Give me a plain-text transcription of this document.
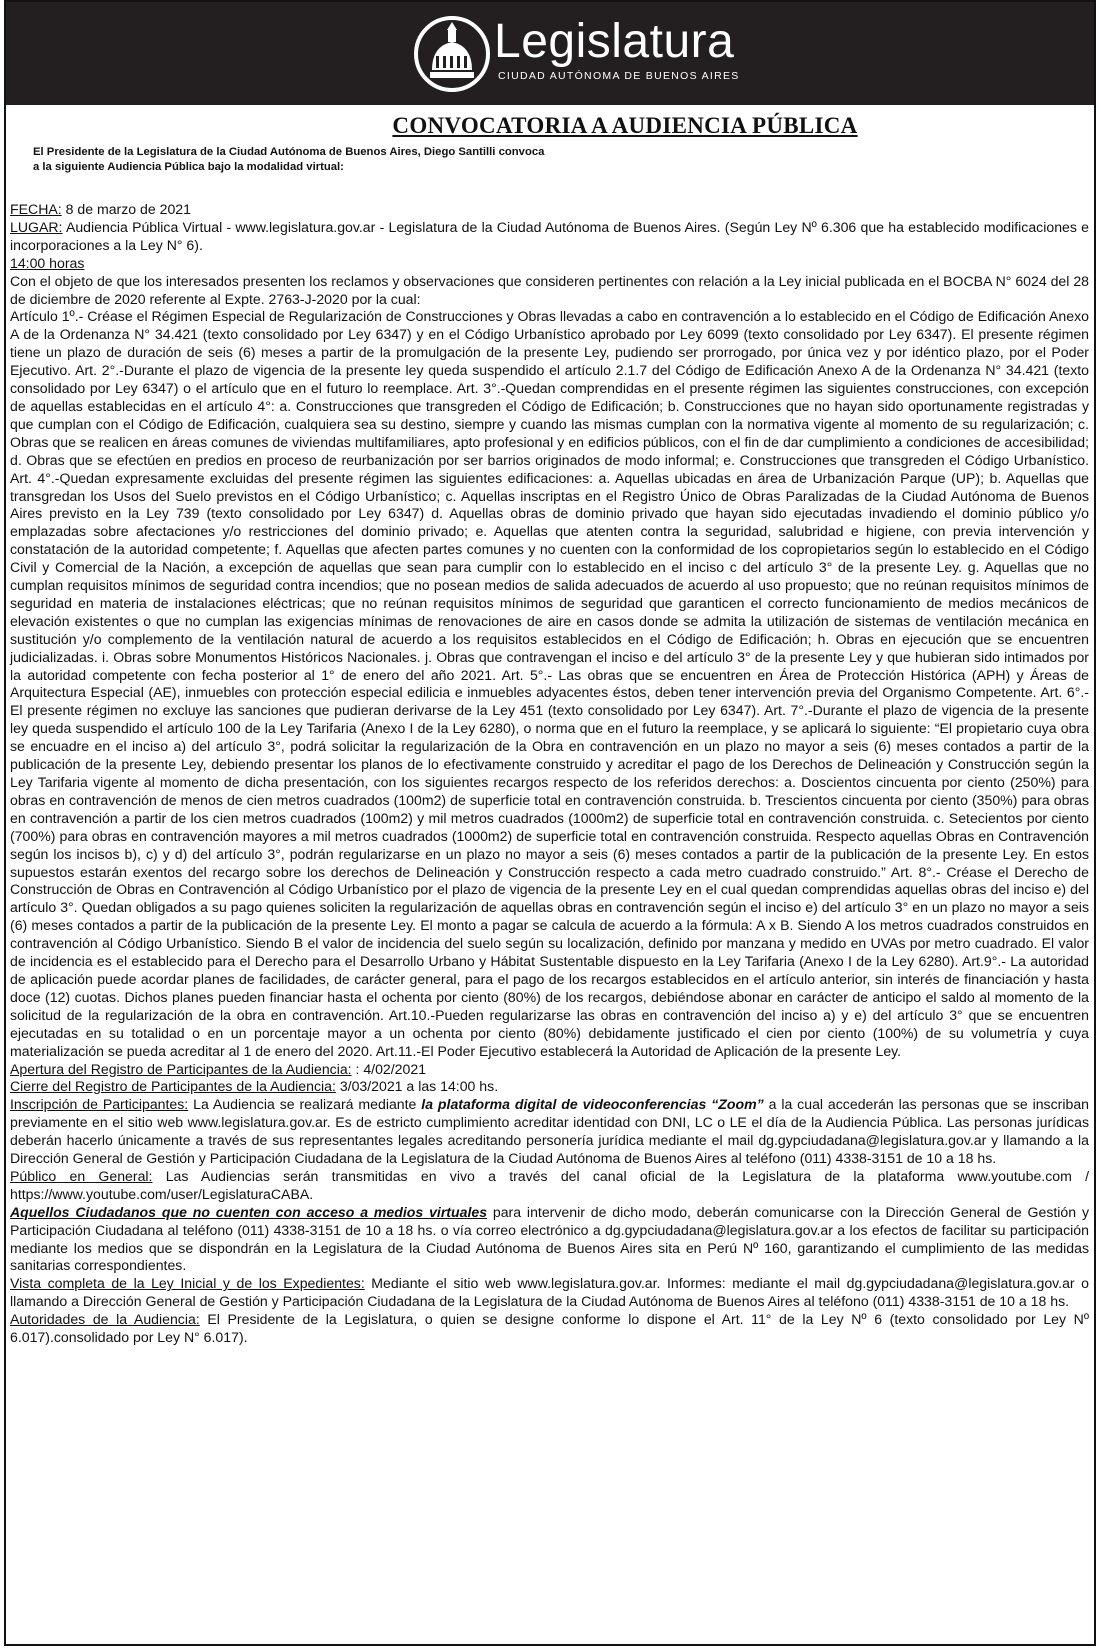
Legislatura
CIUDAD AUTÓNOMA DE BUENOS AIRES
CONVOCATORIA A AUDIENCIA PÚBLICA
El Presidente de la Legislatura de la Ciudad Autónoma de Buenos Aires, Diego Santilli convoca a la siguiente Audiencia Pública bajo la modalidad virtual:

FECHA: 8 de marzo de 2021

LUGAR: Audiencia Pública Virtual - www.legislatura.gov.ar - Legislatura de la Ciudad Autónoma de Buenos Aires. (Según Ley Nº 6.306 que ha establecido modificaciones e incorporaciones a la Ley N° 6).

14:00 horas

Con el objeto de que los interesados presenten los reclamos y observaciones que consideren pertinentes con relación a la Ley inicial publicada en el BOCBA N° 6024 del 28 de diciembre de 2020 referente al Expte. 2763-J-2020 por la cual:

Artículo 1º.- Créase el Régimen Especial de Regularización de Construcciones y Obras llevadas a cabo en contravención a lo establecido en el Código de Edificación Anexo A de la Ordenanza N° 34.421 (texto consolidado por Ley 6347) y en el Código Urbanístico aprobado por Ley 6099 (texto consolidado por Ley 6347). El presente régimen tiene un plazo de duración de seis (6) meses a partir de la promulgación de la presente Ley, pudiendo ser prorrogado, por única vez y por idéntico plazo, por el Poder Ejecutivo. Art. 2°.-Durante el plazo de vigencia de la presente ley queda suspendido el artículo 2.1.7 del Código de Edificación Anexo A de la Ordenanza N° 34.421 (texto consolidado por Ley 6347) o el artículo que en el futuro lo reemplace. Art. 3°.-Quedan comprendidas en el presente régimen las siguientes construcciones, con excepción de aquellas establecidas en el artículo 4°: a. Construcciones que transgreden el Código de Edificación; b. Construcciones que no hayan sido oportunamente registradas y que cumplan con el Código de Edificación, cualquiera sea su destino, siempre y cuando las mismas cumplan con la normativa vigente al momento de su regularización; c. Obras que se realicen en áreas comunes de viviendas multifamiliares, apto profesional y en edificios públicos, con el fin de dar cumplimiento a condiciones de accesibilidad; d. Obras que se efectúen en predios en proceso de reurbanización por ser barrios originados de modo informal; e. Construcciones que transgreden el Código Urbanístico. Art. 4°.-Quedan expresamente excluidas del presente régimen las siguientes edificaciones: a. Aquellas ubicadas en área de Urbanización Parque (UP); b. Aquellas que transgredan los Usos del Suelo previstos en el Código Urbanístico; c. Aquellas inscriptas en el Registro Único de Obras Paralizadas de la Ciudad Autónoma de Buenos Aires previsto en la Ley 739 (texto consolidado por Ley 6347) d. Aquellas obras de dominio privado que hayan sido ejecutadas invadiendo el dominio público y/o emplazadas sobre afectaciones y/o restricciones del dominio privado; e. Aquellas que atenten contra la seguridad, salubridad e higiene, con previa intervención y constatación de la autoridad competente; f. Aquellas que afecten partes comunes y no cuenten con la conformidad de los copropietarios según lo establecido en el Código Civil y Comercial de la Nación, a excepción de aquellas que sean para cumplir con lo establecido en el inciso c del artículo 3° de la presente Ley. g. Aquellas que no cumplan requisitos mínimos de seguridad contra incendios; que no posean medios de salida adecuados de acuerdo al uso propuesto; que no reúnan requisitos mínimos de seguridad en materia de instalaciones eléctricas; que no reúnan requisitos mínimos de seguridad que garanticen el correcto funcionamiento de medios mecánicos de elevación existentes o que no cumplan las exigencias mínimas de renovaciones de aire en casos donde se admita la utilización de sistemas de ventilación mecánica en sustitución y/o complemento de la ventilación natural de acuerdo a los requisitos establecidos en el Código de Edificación; h. Obras en ejecución que se encuentren judicializadas. i. Obras sobre Monumentos Históricos Nacionales. j. Obras que contravengan el inciso e del artículo 3° de la presente Ley y que hubieran sido intimados por la autoridad competente con fecha posterior al 1° de enero del año 2021. Art. 5°.- Las obras que se encuentren en Área de Protección Histórica (APH) y Áreas de Arquitectura Especial (AE), inmuebles con protección especial edilicia e inmuebles adyacentes éstos, deben tener intervención previa del Organismo Competente. Art. 6°.- El presente régimen no excluye las sanciones que pudieran derivarse de la Ley 451 (texto consolidado por Ley 6347). Art. 7°.-Durante el plazo de vigencia de la presente ley queda suspendido el artículo 100 de la Ley Tarifaria (Anexo I de la Ley 6280), o norma que en el futuro la reemplace, y se aplicará lo siguiente: “El propietario cuya obra se encuadre en el inciso a) del artículo 3°, podrá solicitar la regularización de la Obra en contravención en un plazo no mayor a seis (6) meses contados a partir de la publicación de la presente Ley, debiendo presentar los planos de lo efectivamente construido y acreditar el pago de los Derechos de Delineación y Construcción según la Ley Tarifaria vigente al momento de dicha presentación, con los siguientes recargos respecto de los referidos derechos: a. Doscientos cincuenta por ciento (250%) para obras en contravención de menos de cien metros cuadrados (100m2) de superficie total en contravención construida. b. Trescientos cincuenta por ciento (350%) para obras en contravención a partir de los cien metros cuadrados (100m2) y mil metros cuadrados (1000m2) de superficie total en contravención construida. c. Setecientos por ciento (700%) para obras en contravención mayores a mil metros cuadrados (1000m2) de superficie total en contravención construida. Respecto aquellas Obras en Contravención según los incisos b), c) y d) del artículo 3°, podrán regularizarse en un plazo no mayor a seis (6) meses contados a partir de la publicación de la presente Ley. En estos supuestos estarán exentos del recargo sobre los derechos de Delineación y Construcción respecto a cada metro cuadrado construido.” Art. 8°.- Créase el Derecho de Construcción de Obras en Contravención al Código Urbanístico por el plazo de vigencia de la presente Ley en el cual quedan comprendidas aquellas obras del inciso e) del artículo 3°. Quedan obligados a su pago quienes soliciten la regularización de aquellas obras en contravención según el inciso e) del artículo 3° en un plazo no mayor a seis (6) meses contados a partir de la publicación de la presente Ley. El monto a pagar se calcula de acuerdo a la fórmula: A x B. Siendo A los metros cuadrados construidos en contravención al Código Urbanístico. Siendo B el valor de incidencia del suelo según su localización, definido por manzana y medido en UVAs por metro cuadrado. El valor de incidencia es el establecido para el Derecho para el Desarrollo Urbano y Hábitat Sustentable dispuesto en la Ley Tarifaria (Anexo I de la Ley 6280). Art.9°.- La autoridad de aplicación puede acordar planes de facilidades, de carácter general, para el pago de los recargos establecidos en el artículo anterior, sin interés de financiación y hasta doce (12) cuotas. Dichos planes pueden financiar hasta el ochenta por ciento (80%) de los recargos, debiéndose abonar en carácter de anticipo el saldo al momento de la solicitud de la regularización de la obra en contravención. Art.10.-Pueden regularizarse las obras en contravención del inciso a) y e) del artículo 3° que se encuentren ejecutadas en su totalidad o en un porcentaje mayor a un ochenta por ciento (80%) debidamente justificado el cien por ciento (100%) de su volumetría y cuya materialización se pueda acreditar al 1 de enero del 2020. Art.11.-El Poder Ejecutivo establecerá la Autoridad de Aplicación de la presente Ley.

Apertura del Registro de Participantes de la Audiencia: : 4/02/2021

Cierre del Registro de Participantes de la Audiencia: 3/03/2021 a las 14:00 hs.

Inscripción de Participantes: La Audiencia se realizará mediante la plataforma digital de videoconferencias “Zoom” a la cual accederán las personas que se inscriban previamente en el sitio web www.legislatura.gov.ar. Es de estricto cumplimiento acreditar identidad con DNI, LC o LE el día de la Audiencia Pública. Las personas jurídicas deberán hacerlo únicamente a través de sus representantes legales acreditando personería jurídica mediante el mail dg.gypciudadana@legislatura.gov.ar y llamando a la Dirección General de Gestión y Participación Ciudadana de la Legislatura de la Ciudad Autónoma de Buenos Aires al teléfono (011) 4338-3151 de 10 a 18 hs.

Público en General: Las Audiencias serán transmitidas en vivo a través del canal oficial de la Legislatura de la plataforma www.youtube.com / https://www.youtube.com/user/LegislaturaCABA.

Aquellos Ciudadanos que no cuenten con acceso a medios virtuales para intervenir de dicho modo, deberán comunicarse con la Dirección General de Gestión y Participación Ciudadana al teléfono (011) 4338-3151 de 10 a 18 hs. o vía correo electrónico a dg.gypciudadana@legislatura.gov.ar a los efectos de facilitar su participación mediante los medios que se dispondrán en la Legislatura de la Ciudad Autónoma de Buenos Aires sita en Perú Nº 160, garantizando el cumplimiento de las medidas sanitarias correspondientes.

Vista completa de la Ley Inicial y de los Expedientes: Mediante el sitio web www.legislatura.gov.ar. Informes: mediante el mail dg.gypciudadana@legislatura.gov.ar o llamando a Dirección General de Gestión y Participación Ciudadana de la Legislatura de la Ciudad Autónoma de Buenos Aires al teléfono (011) 4338-3151 de 10 a 18 hs.

Autoridades de la Audiencia: El Presidente de la Legislatura, o quien se designe conforme lo dispone el Art. 11° de la Ley Nº 6 (texto consolidado por Ley Nº 6.017).consolidado por Ley N° 6.017).
